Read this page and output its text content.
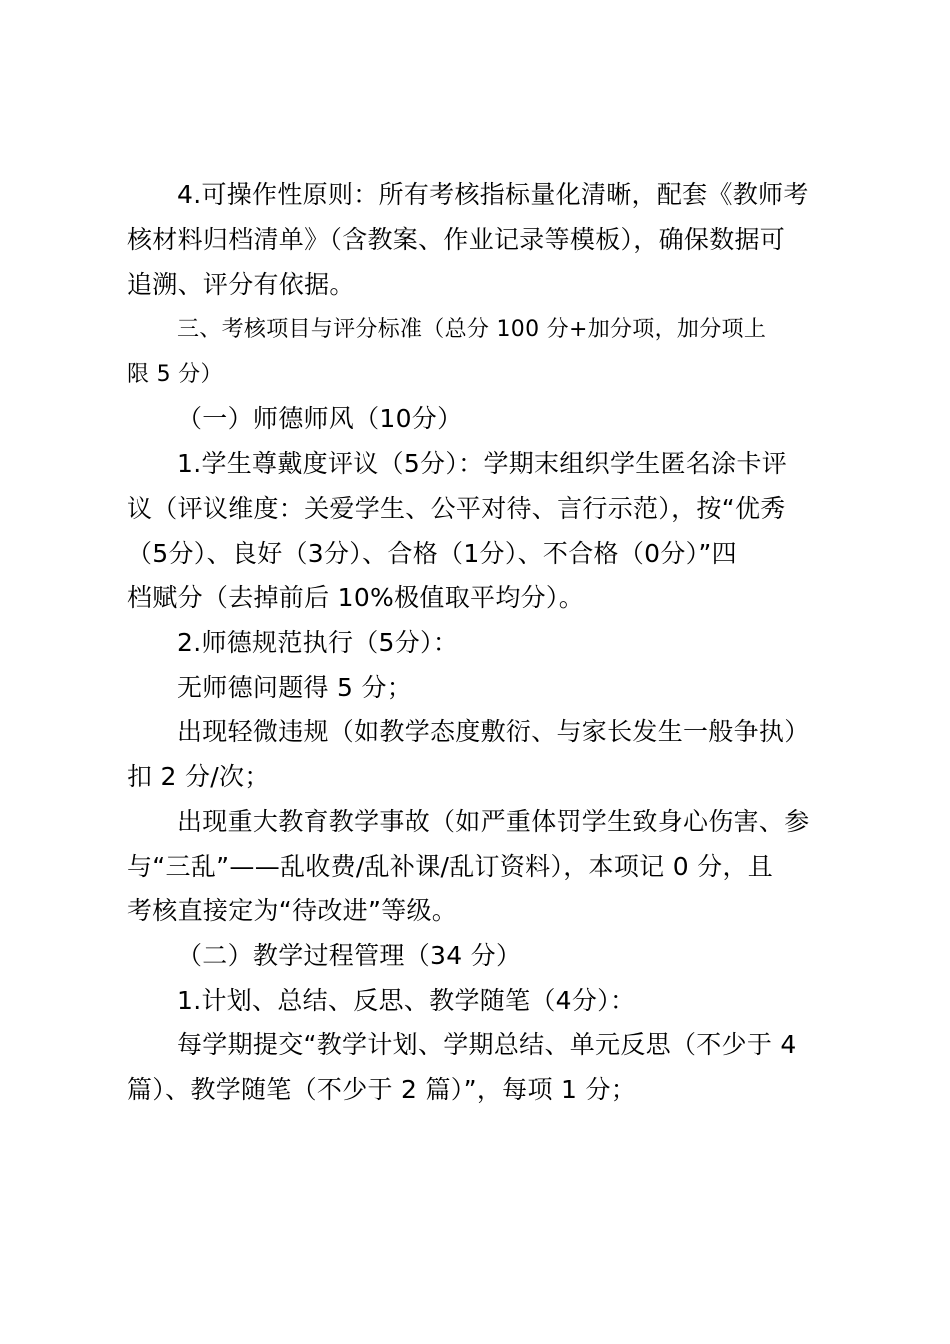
4.可操作性原则：所有考核指标量化清晰，配套《教师考
核材料归档清单》（含教案、作业记录等模板），确保数据可
追溯、评分有依据。
三、考核项目与评分标准（总分 100 分+加分项，加分项上
限 5 分）
（一）师德师风（10分）
1.学生尊戴度评议（5分）：学期末组织学生匿名涂卡评
议（评议维度：关爱学生、公平对待、言行示范），按“优秀
（5分）、良好（3分）、合格（1分）、不合格（0分）”四
档赋分（去掉前后 10%极值取平均分）。
2.师德规范执行（5分）：
无师德问题得 5 分；
出现轻微违规（如教学态度敷衍、与家长发生一般争执）
扣 2 分/次；
出现重大教育教学事故（如严重体罚学生致身心伤害、参
与“三乱”——乱收费/乱补课/乱订资料），本项记 0 分，且
考核直接定为“待改进”等级。
（二）教学过程管理（34 分）
1.计划、总结、反思、教学随笔（4分）：
每学期提交“教学计划、学期总结、单元反思（不少于 4
篇）、教学随笔（不少于 2 篇）”，每项 1 分；
